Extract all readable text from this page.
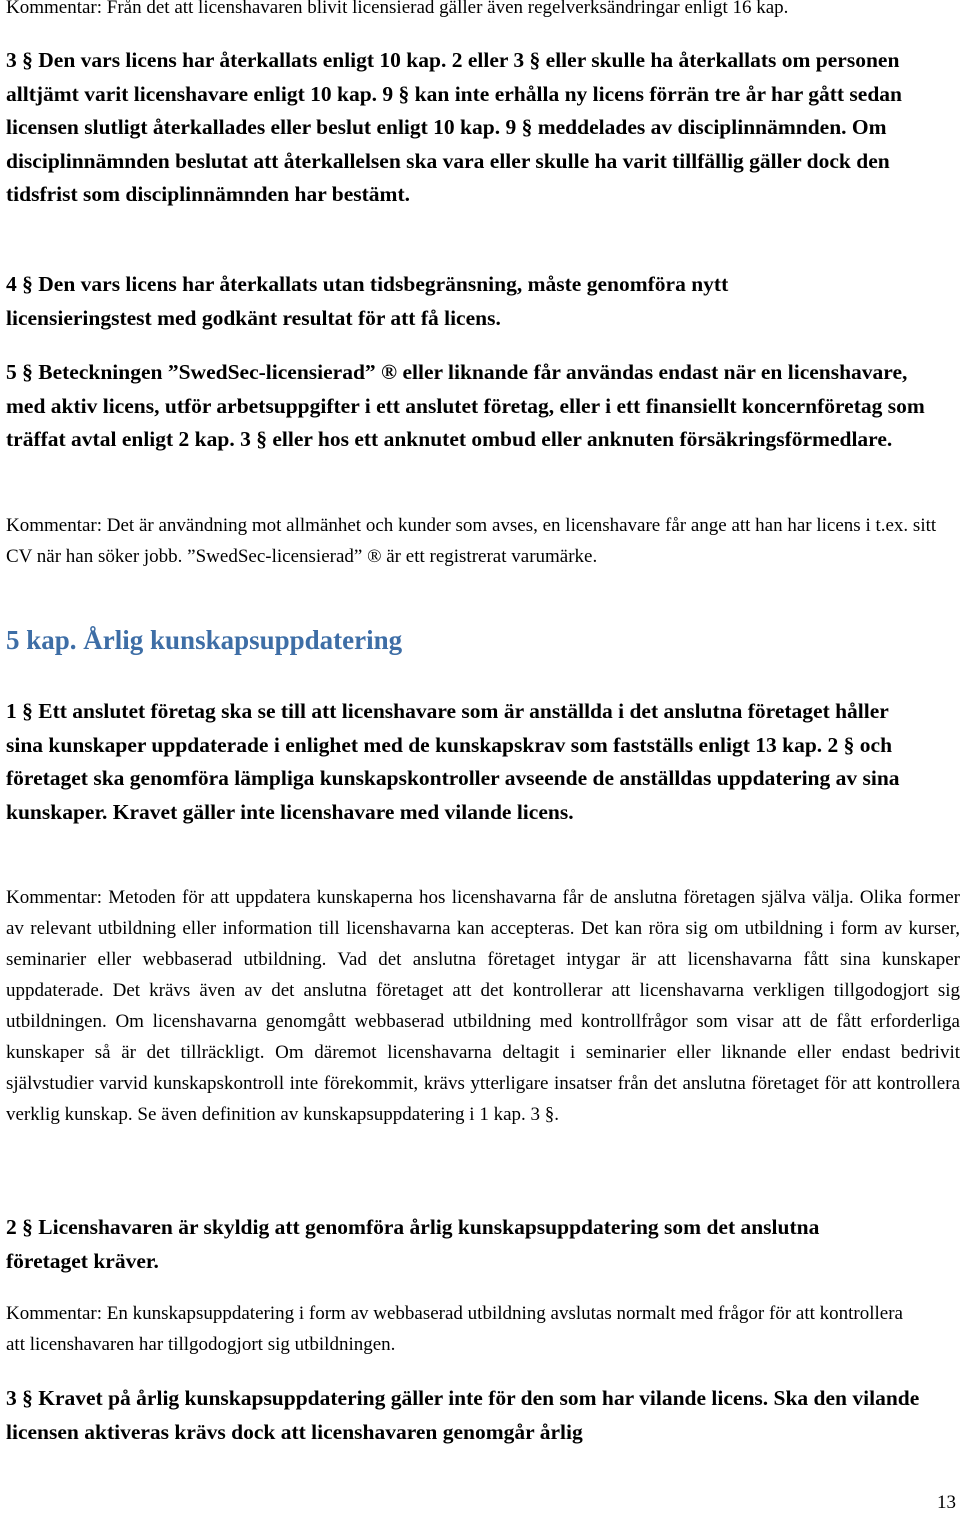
Kommentar: Från det att licenshavaren blivit licensierad gäller även regelverksändringar enligt 16 kap.

3 § Den vars licens har återkallats enligt 10 kap. 2 eller 3 § eller skulle ha återkallats om personen alltjämt varit licenshavare enligt 10 kap. 9 § kan inte erhålla ny licens förrän tre år har gått sedan licensen slutligt återkallades eller beslut enligt 10 kap. 9 § meddelades av disciplinnämnden. Om disciplinnämnden beslutat att återkallelsen ska vara eller skulle ha varit tillfällig gäller dock den tidsfrist som disciplinnämnden har bestämt.

4 § Den vars licens har återkallats utan tidsbegränsning, måste genomföra nytt licensieringstest med godkänt resultat för att få licens.

5 § Beteckningen ”SwedSec-licensierad” ® eller liknande får användas endast när en licenshavare, med aktiv licens, utför arbetsuppgifter i ett anslutet företag, eller i ett finansiellt koncernföretag som träffat avtal enligt 2 kap. 3 § eller hos ett anknutet ombud eller anknuten försäkringsförmedlare.

Kommentar: Det är användning mot allmänhet och kunder som avses, en licenshavare får ange att han har licens i t.ex. sitt CV när han söker jobb. ”SwedSec-licensierad” ® är ett registrerat varumärke.

5 kap. Årlig kunskapsuppdatering

1 § Ett anslutet företag ska se till att licenshavare som är anställda i det anslutna företaget håller sina kunskaper uppdaterade i enlighet med de kunskapskrav som fastställs enligt 13 kap. 2 § och företaget ska genomföra lämpliga kunskapskontroller avseende de anställdas uppdatering av sina kunskaper. Kravet gäller inte licenshavare med vilande licens.

Kommentar: Metoden för att uppdatera kunskaperna hos licenshavarna får de anslutna företagen själva välja. Olika former av relevant utbildning eller information till licenshavarna kan accepteras. Det kan röra sig om utbildning i form av kurser, seminarier eller webbaserad utbildning. Vad det anslutna företaget intygar är att licenshavarna fått sina kunskaper uppdaterade. Det krävs även av det anslutna företaget att det kontrollerar att licenshavarna verkligen tillgodogjort sig utbildningen. Om licenshavarna genomgått webbaserad utbildning med kontrollfrågor som visar att de fått erforderliga kunskaper så är det tillräckligt. Om däremot licenshavarna deltagit i seminarier eller liknande eller endast bedrivit självstudier varvid kunskapskontroll inte förekommit, krävs ytterligare insatser från det anslutna företaget för att kontrollera verklig kunskap. Se även definition av kunskapsuppdatering i 1 kap. 3 §.

2 § Licenshavaren är skyldig att genomföra årlig kunskapsuppdatering som det anslutna företaget kräver.

Kommentar: En kunskapsuppdatering i form av webbaserad utbildning avslutas normalt med frågor för att kontrollera att licenshavaren har tillgodogjort sig utbildningen.

3 § Kravet på årlig kunskapsuppdatering gäller inte för den som har vilande licens. Ska den vilande licensen aktiveras krävs dock att licenshavaren genomgår årlig

13
